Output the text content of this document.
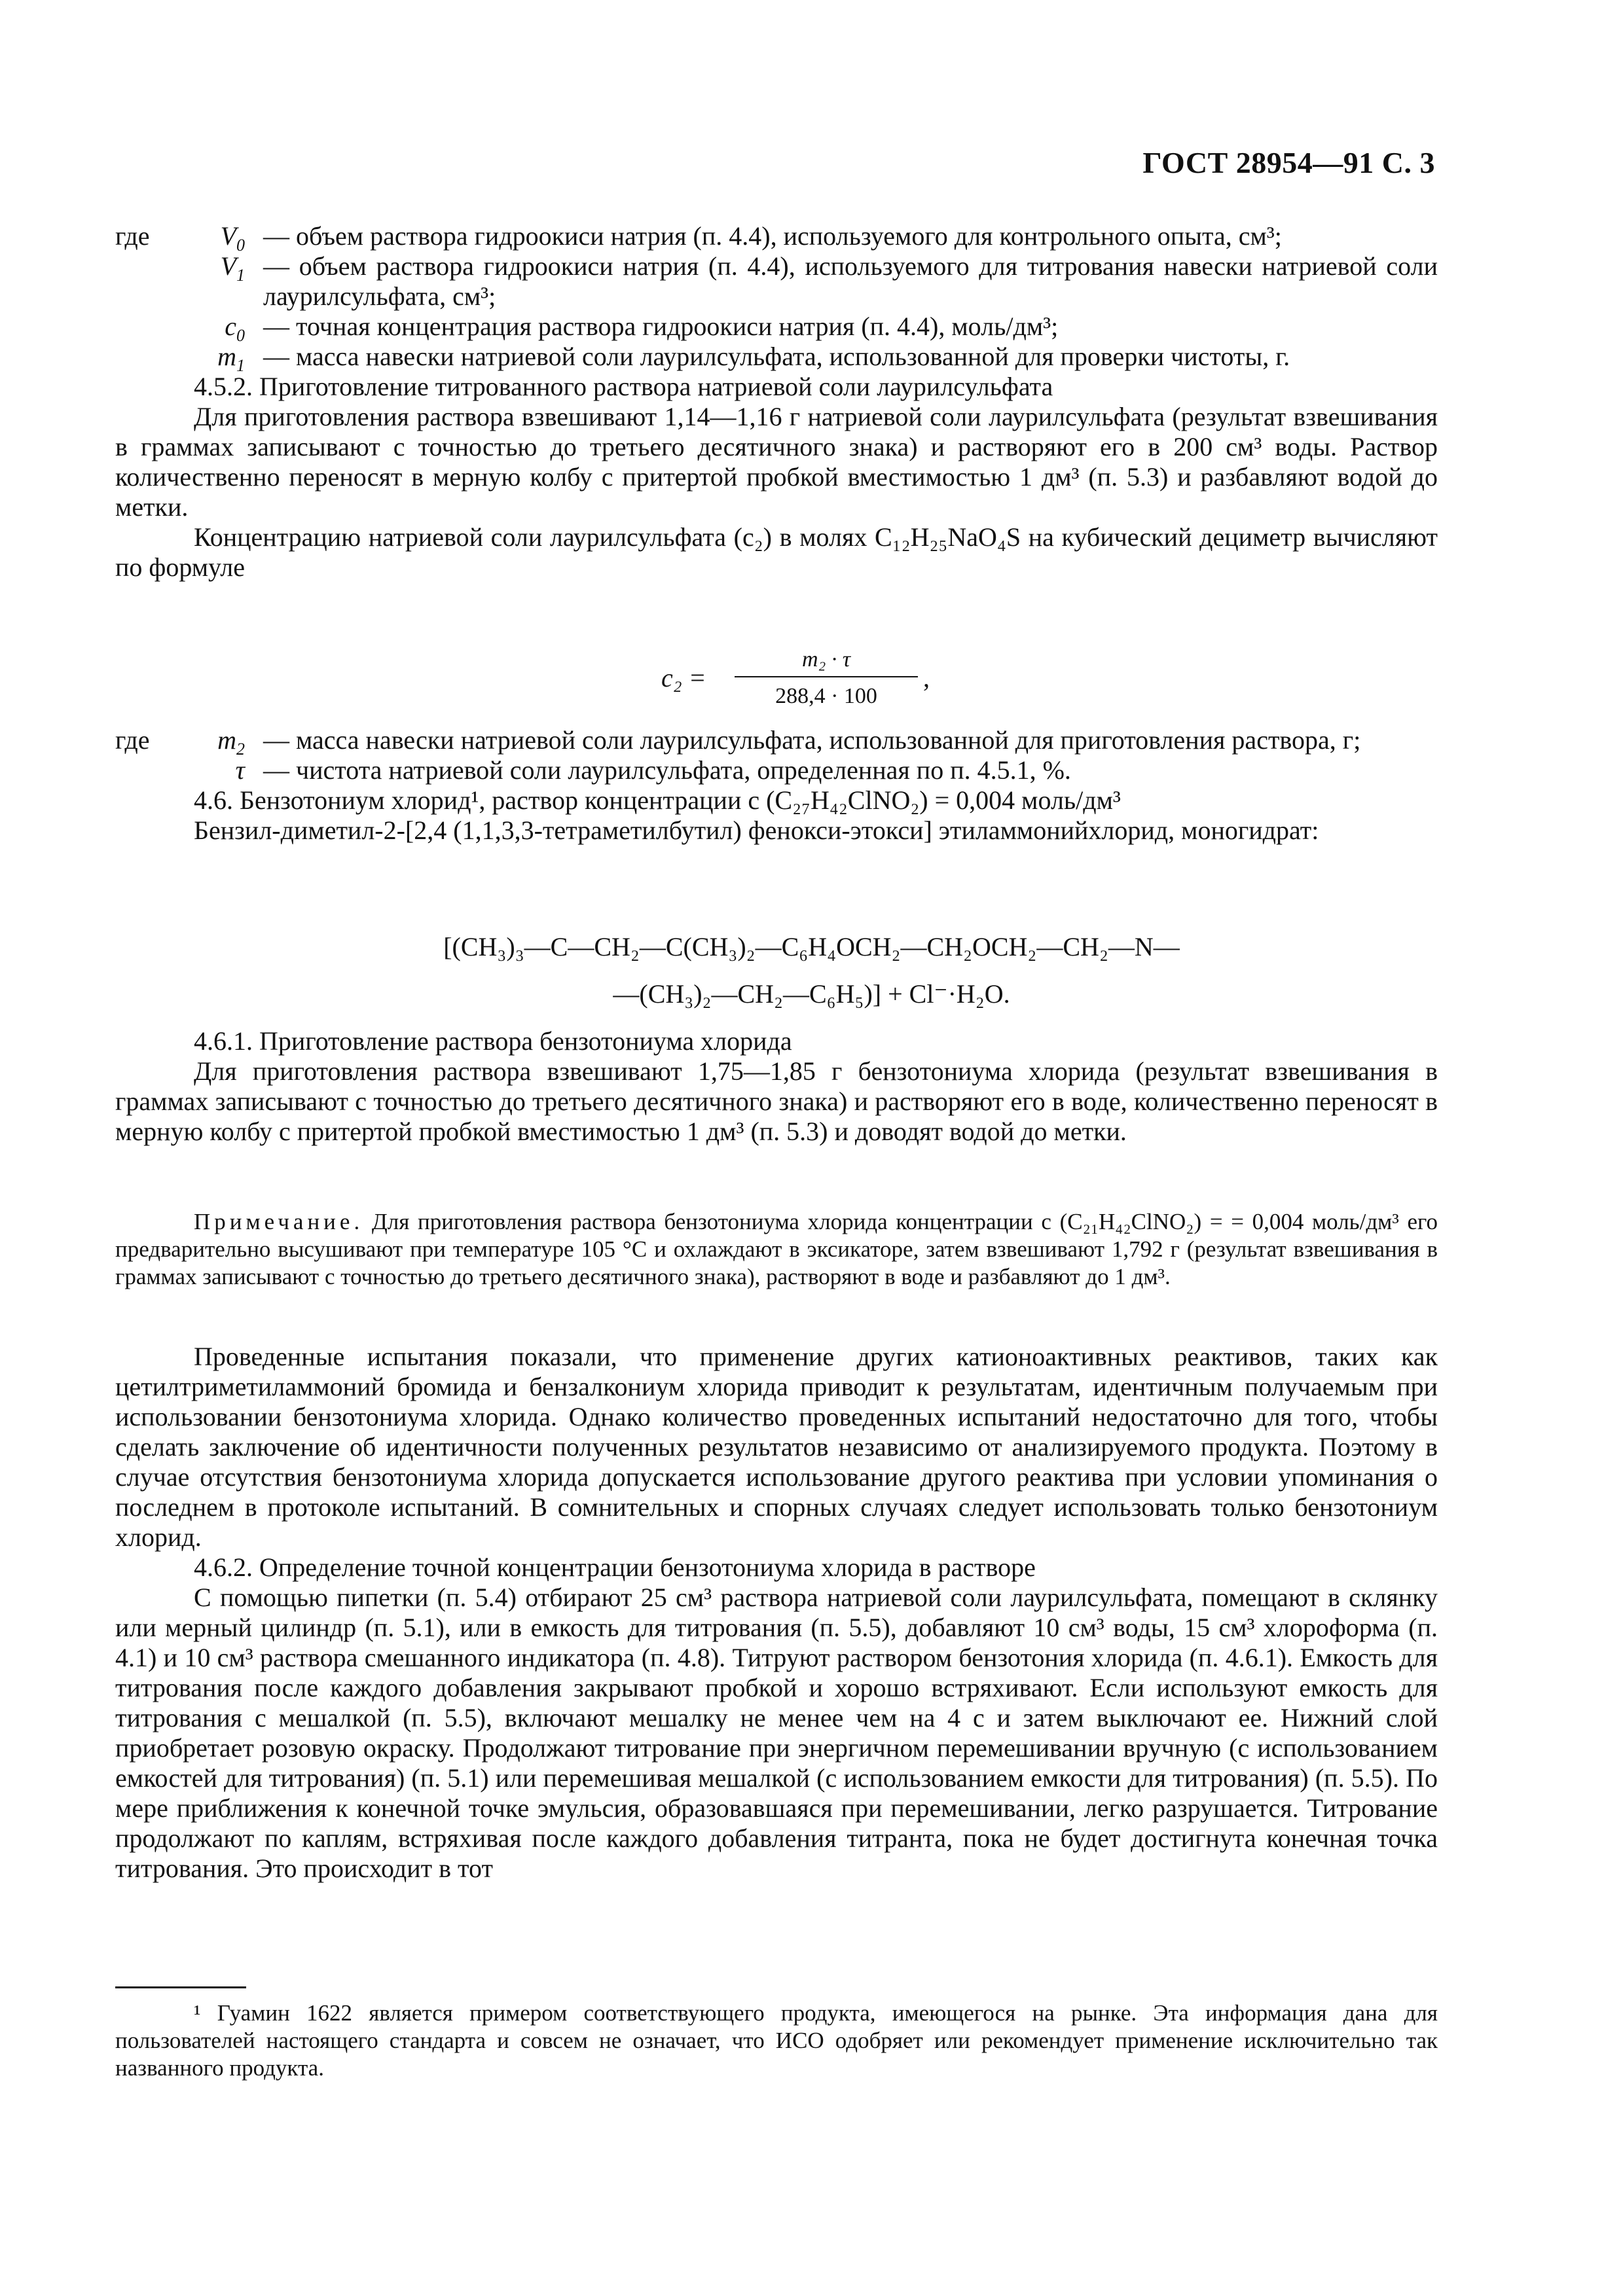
ГОСТ 28954—91 С. 3
где	$V_0$ — объем раствора гидроокиси натрия (п. 4.4), используемого для контрольного опыта, см³;
$V_1$ — объем раствора гидроокиси натрия (п. 4.4), используемого для титрования навески натриевой соли лаурилсульфата, см³;
$c_0$ — точная концентрация раствора гидроокиси натрия (п. 4.4), моль/дм³;
$m_1$ — масса навески натриевой соли лаурилсульфата, использованной для проверки чистоты, г.

4.5.2. Приготовление титрованного раствора натриевой соли лаурилсульфата

Для приготовления раствора взвешивают 1,14—1,16 г натриевой соли лаурилсульфата (результат взвешивания в граммах записывают с точностью до третьего десятичного знака) и растворяют его в 200 см³ воды. Раствор количественно переносят в мерную колбу с притертой пробкой вместимостью 1 дм³ (п. 5.3) и разбавляют водой до метки.

Концентрацию натриевой соли лаурилсульфата (c₂) в молях C₁₂H₂₅NaO₄S на кубический дециметр вычисляют по формуле

c₂ =
m₂ · τ
288,4 · 100
,
где	$m_2$ — масса навески натриевой соли лаурилсульфата, использованной для приготовления раствора, г;
τ — чистота натриевой соли лаурилсульфата, определенная по п. 4.5.1, %.

4.6. Бензотониум хлорид¹, раствор концентрации c (C₂₇H₄₂ClNO₂) = 0,004 моль/дм³

Бензил-диметил-2-[2,4 (1,1,3,3-тетраметилбутил) фенокси-этокси] этиламмонийхлорид, моногидрат:

[(CH₃)₃—C—CH₂—C(CH₃)₂—C₆H₄OCH₂—CH₂OCH₂—CH₂—N—
—(CH₃)₂—CH₂—C₆H₅)] + Cl⁻·H₂O.

4.6.1. Приготовление раствора бензотониума хлорида

Для приготовления раствора взвешивают 1,75—1,85 г бензотониума хлорида (результат взвешивания в граммах записывают с точностью до третьего десятичного знака) и растворяют его в воде, количественно переносят в мерную колбу с притертой пробкой вместимостью 1 дм³ (п. 5.3) и доводят водой до метки.

Примечание. Для приготовления раствора бензотониума хлорида концентрации c (C₂₁H₄₂ClNO₂) = = 0,004 моль/дм³ его предварительно высушивают при температуре 105 °C и охлаждают в эксикаторе, затем взвешивают 1,792 г (результат взвешивания в граммах записывают с точностью до третьего десятичного знака), растворяют в воде и разбавляют до 1 дм³.

Проведенные испытания показали, что применение других катионоактивных реактивов, таких как цетилтриметиламмоний бромида и бензалкониум хлорида приводит к результатам, идентичным получаемым при использовании бензотониума хлорида. Однако количество проведенных испытаний недостаточно для того, чтобы сделать заключение об идентичности полученных результатов независимо от анализируемого продукта. Поэтому в случае отсутствия бензотониума хлорида допускается использование другого реактива при условии упоминания о последнем в протоколе испытаний. В сомнительных и спорных случаях следует использовать только бензотониум хлорид.

4.6.2. Определение точной концентрации бензотониума хлорида в растворе

С помощью пипетки (п. 5.4) отбирают 25 см³ раствора натриевой соли лаурилсульфата, помещают в склянку или мерный цилиндр (п. 5.1), или в емкость для титрования (п. 5.5), добавляют 10 см³ воды, 15 см³ хлороформа (п. 4.1) и 10 см³ раствора смешанного индикатора (п. 4.8). Титруют раствором бензотония хлорида (п. 4.6.1). Емкость для титрования после каждого добавления закрывают пробкой и хорошо встряхивают. Если используют емкость для титрования с мешалкой (п. 5.5), включают мешалку не менее чем на 4 с и затем выключают ее. Нижний слой приобретает розовую окраску. Продолжают титрование при энергичном перемешивании вручную (с использованием емкостей для титрования) (п. 5.1) или перемешивая мешалкой (с использованием емкости для титрования) (п. 5.5). По мере приближения к конечной точке эмульсия, образовавшаяся при перемешивании, легко разрушается. Титрование продолжают по каплям, встряхивая после каждого добавления титранта, пока не будет достигнута конечная точка титрования. Это происходит в тот

¹ Гуамин 1622 является примером соответствующего продукта, имеющегося на рынке. Эта информация дана для пользователей настоящего стандарта и совсем не означает, что ИСО одобряет или рекомендует применение исключительно так названного продукта.
